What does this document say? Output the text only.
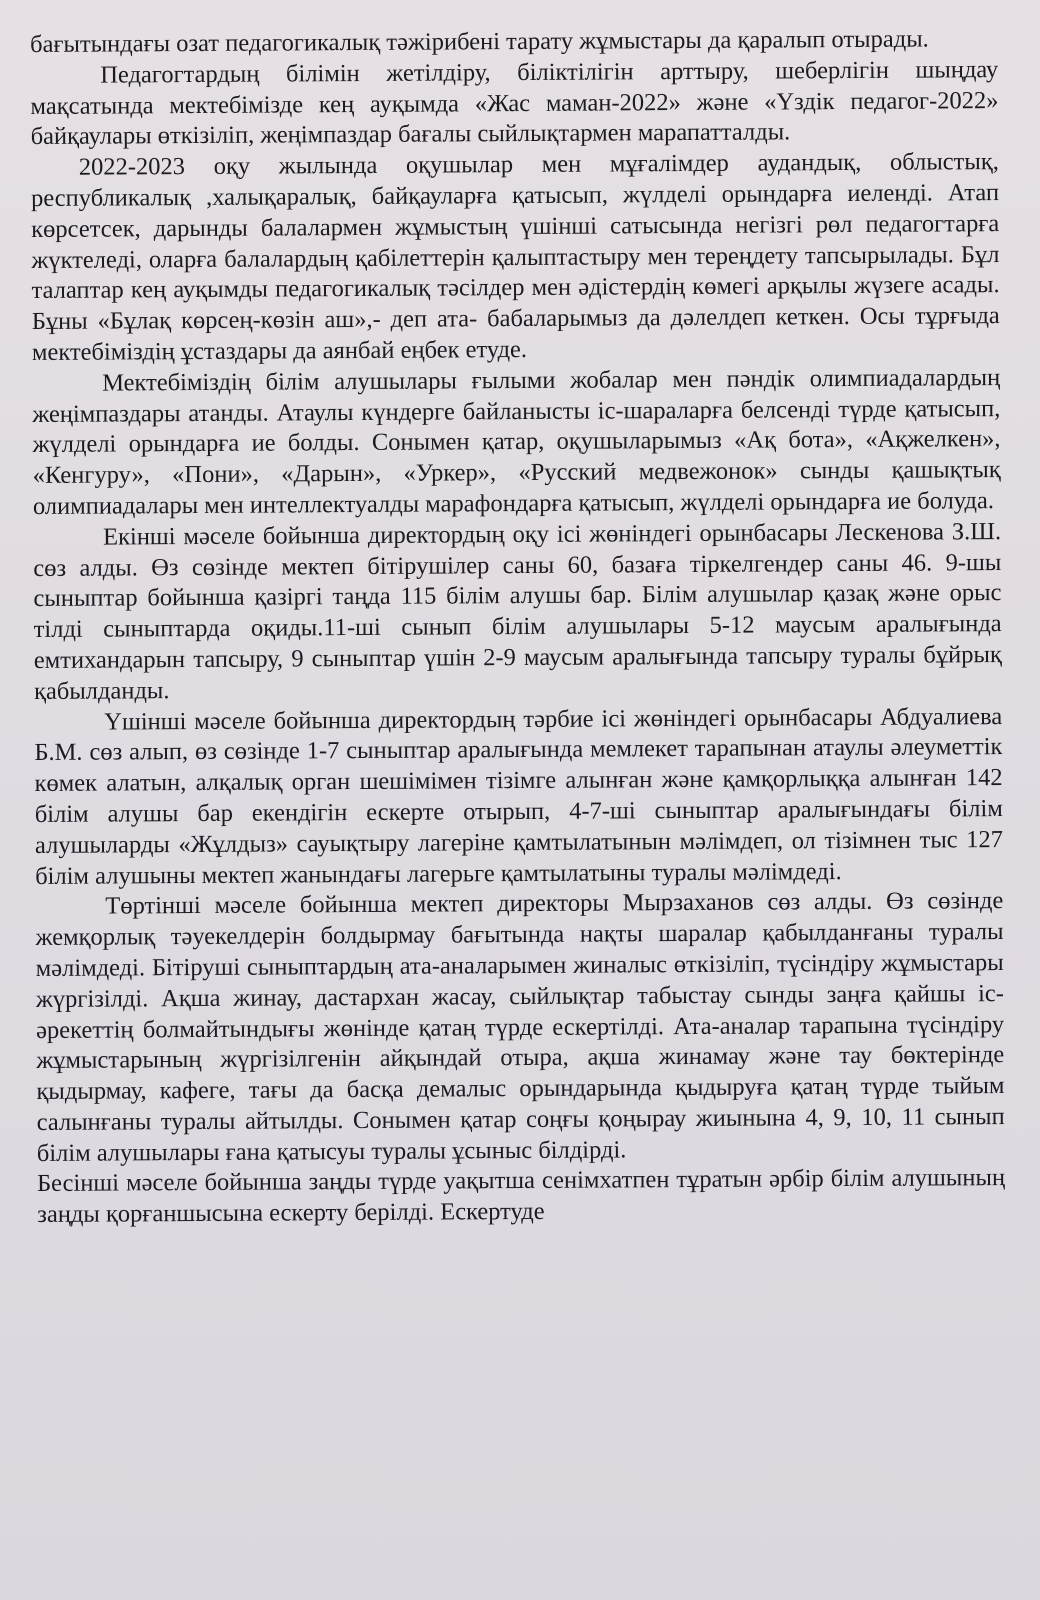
бағытындағы озат педагогикалық тәжірибені тарату жұмыстары да қаралып отырады.

Педагогтардың білімін жетілдіру, біліктілігін арттыру, шеберлігін шыңдау мақсатында мектебімізде кең ауқымда «Жас маман-2022» және «Үздік педагог-2022» байқаулары өткізіліп, жеңімпаздар бағалы сыйлықтармен марапатталды.

2022-2023 оқу жылында оқушылар мен мұғалімдер аудандық, облыстық, республикалық ,халықаралық, байқауларға қатысып, жүлделі орындарға иеленді. Атап көрсетсек, дарынды балалармен жұмыстың үшінші сатысында негізгі рөл педагогтарға жүктеледі, оларға балалардың қабілеттерін қалыптастыру мен тереңдету тапсырылады. Бұл талаптар кең ауқымды педагогикалық тәсілдер мен әдістердің көмегі арқылы жүзеге асады. Бұны «Бұлақ көрсең-көзін аш»,- деп ата- бабаларымыз да дәлелдеп кеткен. Осы тұрғыда мектебіміздің ұстаздары да аянбай еңбек етуде.

Мектебіміздің білім алушылары ғылыми жобалар мен пәндік олимпиадалардың жеңімпаздары атанды. Атаулы күндерге байланысты іс-шараларға белсенді түрде қатысып, жүлделі орындарға ие болды. Сонымен қатар, оқушыларымыз «Ақ бота», «Ақжелкен», «Кенгуру», «Пони», «Дарын», «Уркер», «Русский медвежонок» сынды қашықтық олимпиадалары мен интеллектуалды марафондарға қатысып, жүлделі орындарға ие болуда.

Екінші мәселе бойынша директордың оқу ісі жөніндегі орынбасары Лескенова З.Ш. сөз алды. Өз сөзінде мектеп бітірушілер саны 60, базаға тіркелгендер саны 46. 9-шы сыныптар бойынша қазіргі таңда 115 білім алушы бар. Білім алушылар қазақ және орыс тілді сыныптарда оқиды.11-ші сынып білім алушылары 5-12 маусым аралығында емтихандарын тапсыру, 9 сыныптар үшін 2-9 маусым аралығында тапсыру туралы бұйрық қабылданды.

Үшінші мәселе бойынша директордың тәрбие ісі жөніндегі орынбасары Абдуалиева Б.М. сөз алып, өз сөзінде 1-7 сыныптар аралығында мемлекет тарапынан атаулы әлеуметтік көмек алатын, алқалық орган шешімімен тізімге алынған және қамқорлыққа алынған 142 білім алушы бар екендігін ескерте отырып, 4-7-ші сыныптар аралығындағы білім алушыларды «Жұлдыз» сауықтыру лагеріне қамтылатынын мәлімдеп, ол тізімнен тыс 127 білім алушыны мектеп жанындағы лагерьге қамтылатыны туралы мәлімдеді.

Төртінші мәселе бойынша мектеп директоры Мырзаханов сөз алды. Өз сөзінде жемқорлық тәуекелдерін болдырмау бағытында нақты шаралар қабылданғаны туралы мәлімдеді. Бітіруші сыныптардың ата-аналарымен жиналыс өткізіліп, түсіндіру жұмыстары жүргізілді. Ақша жинау, дастархан жасау, сыйлықтар табыстау сынды заңға қайшы іс-әрекеттің болмайтындығы жөнінде қатаң түрде ескертілді. Ата-аналар тарапына түсіндіру жұмыстарының жүргізілгенін айқындай отыра, ақша жинамау және тау бөктерінде қыдырмау, кафеге, тағы да басқа демалыс орындарында қыдыруға қатаң түрде тыйым салынғаны туралы айтылды. Сонымен қатар соңғы қоңырау жиынына 4, 9, 10, 11 сынып білім алушылары ғана қатысуы туралы ұсыныс білдірді.

Бесінші мәселе бойынша заңды түрде уақытша сенімхатпен тұратын әрбір білім алушының заңды қорғаншысына ескерту берілді. Ескертуде
